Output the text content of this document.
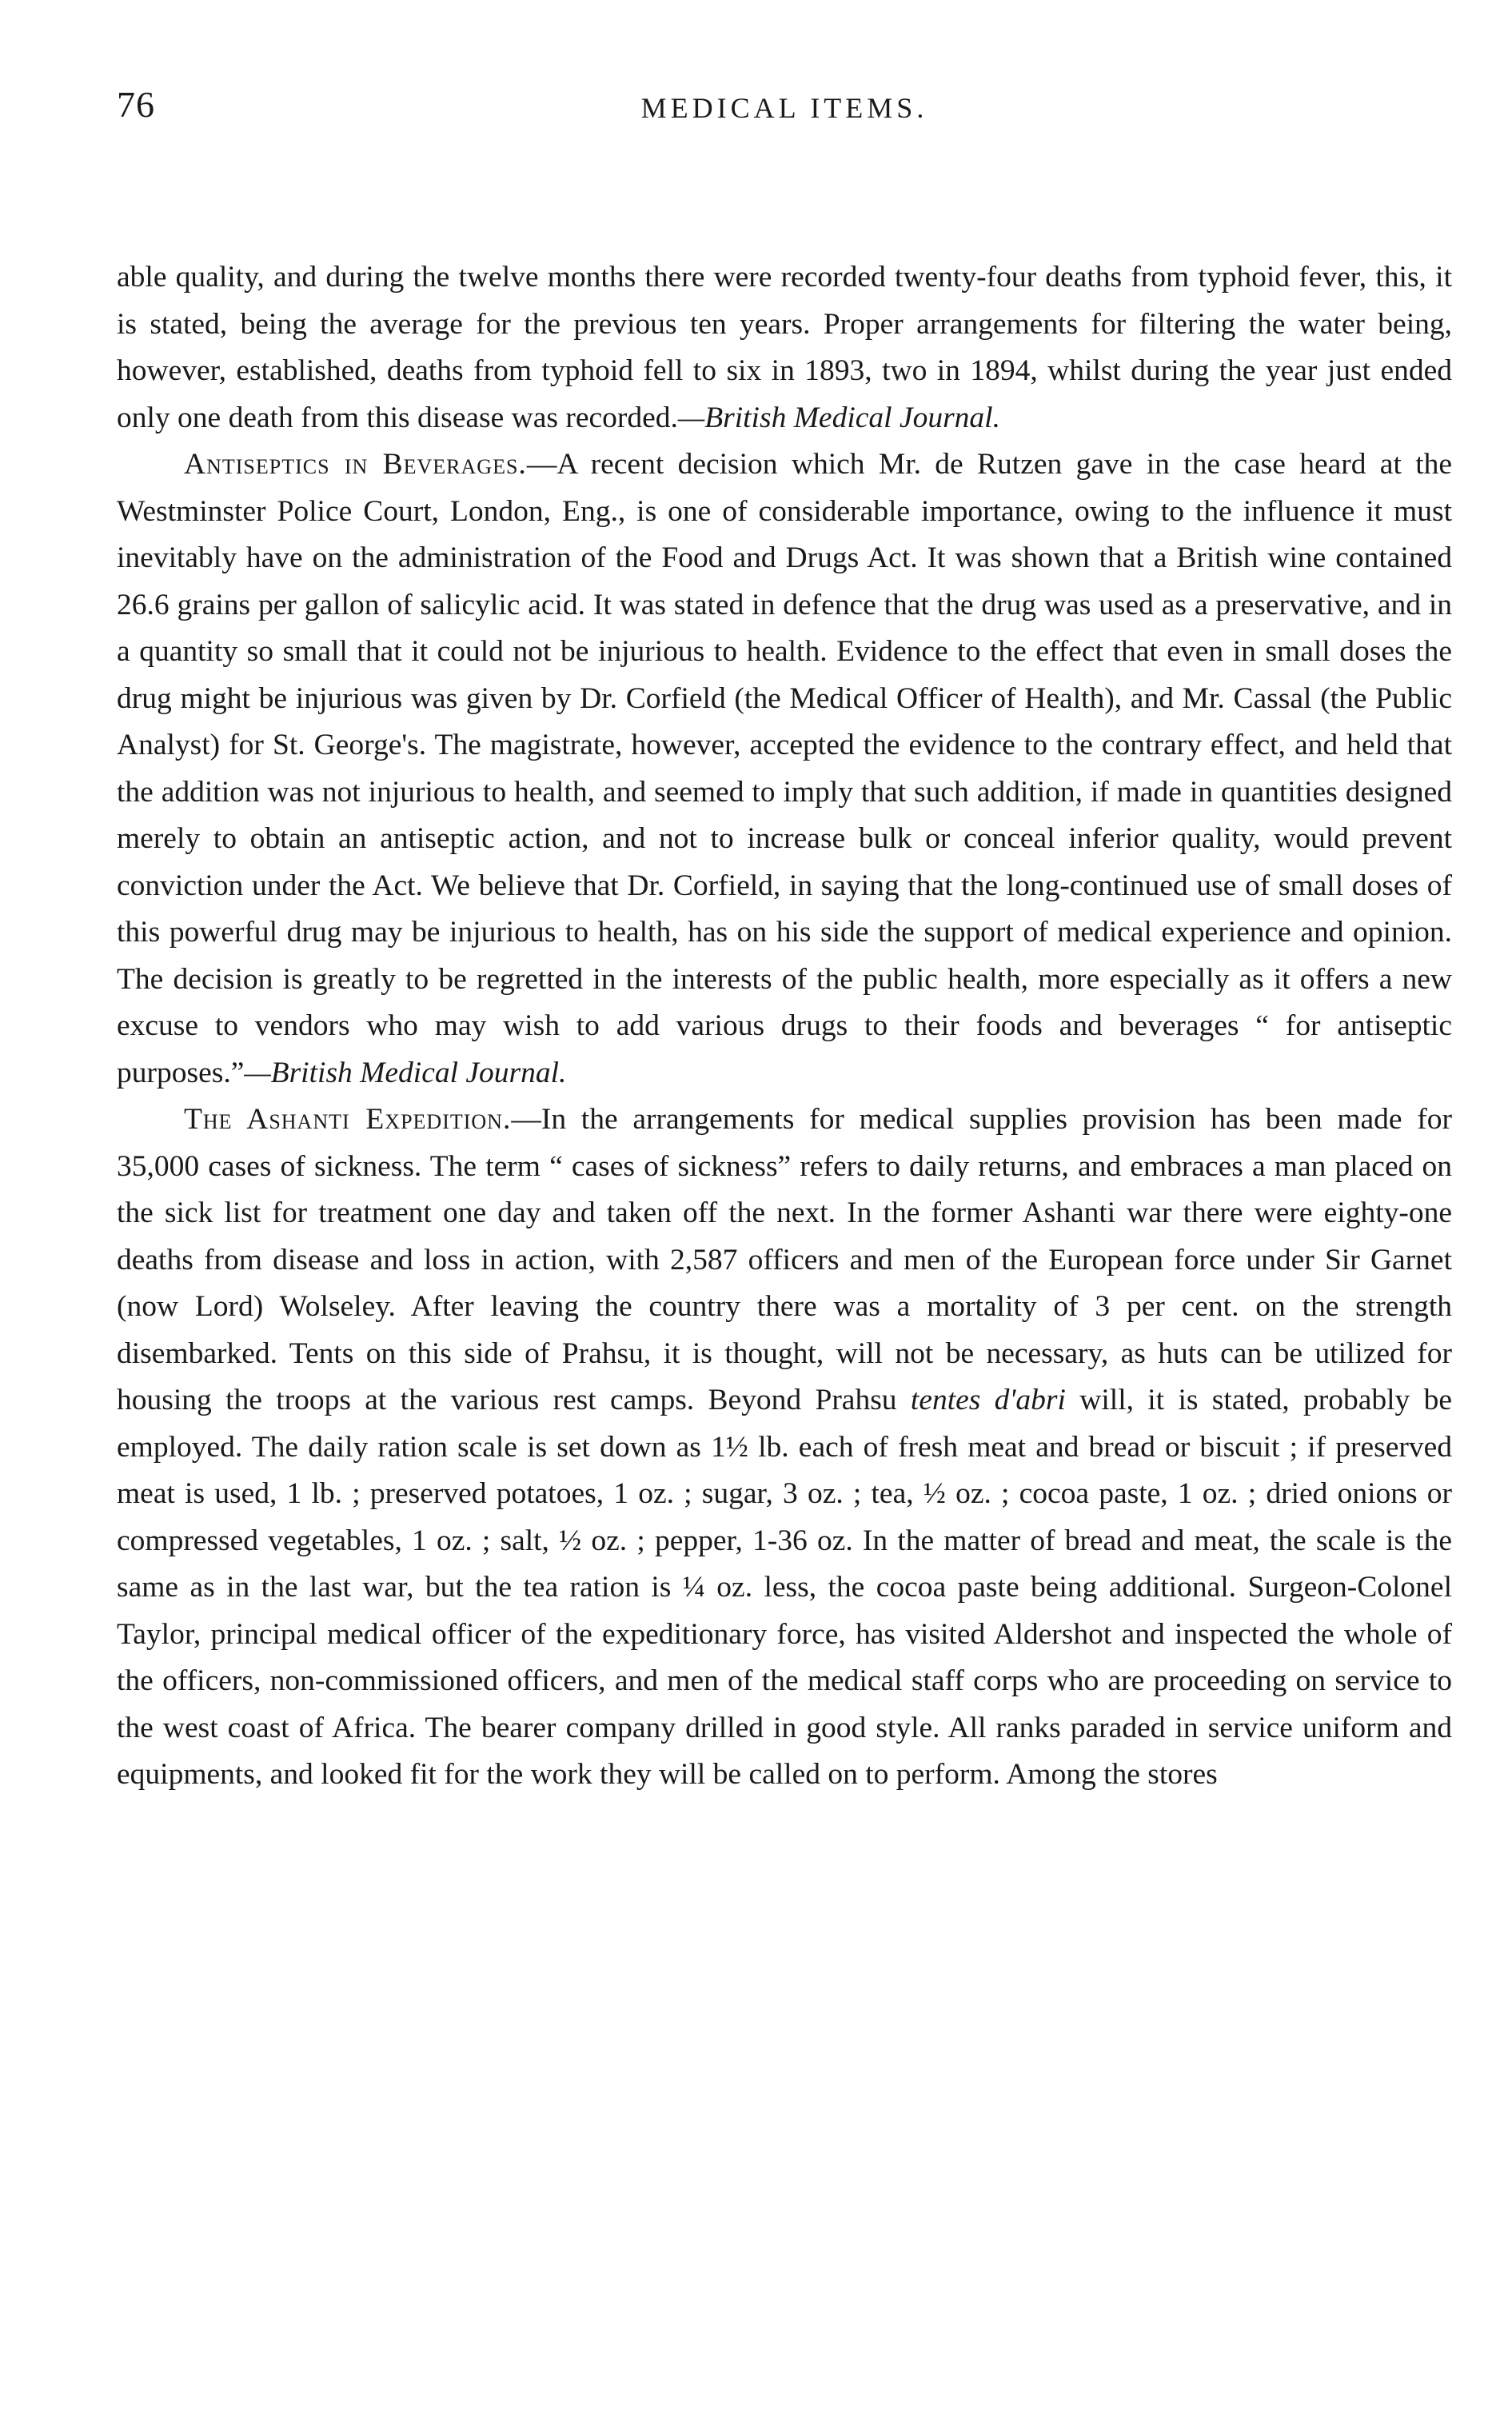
76	MEDICAL ITEMS.

able quality, and during the twelve months there were recorded twenty-four deaths from typhoid fever, this, it is stated, being the average for the previous ten years. Proper arrangements for filtering the water being, however, established, deaths from typhoid fell to six in 1893, two in 1894, whilst during the year just ended only one death from this disease was recorded.—British Medical Journal.

Antiseptics in Beverages.—A recent decision which Mr. de Rutzen gave in the case heard at the Westminster Police Court, London, Eng., is one of considerable importance, owing to the influence it must inevitably have on the administration of the Food and Drugs Act. It was shown that a British wine contained 26.6 grains per gallon of salicylic acid. It was stated in defence that the drug was used as a preservative, and in a quantity so small that it could not be injurious to health. Evidence to the effect that even in small doses the drug might be injurious was given by Dr. Corfield (the Medical Officer of Health), and Mr. Cassal (the Public Analyst) for St. George's. The magistrate, however, accepted the evidence to the contrary effect, and held that the addition was not injurious to health, and seemed to imply that such addition, if made in quantities designed merely to obtain an antiseptic action, and not to increase bulk or conceal inferior quality, would prevent conviction under the Act. We believe that Dr. Corfield, in saying that the long-continued use of small doses of this powerful drug may be injurious to health, has on his side the support of medical experience and opinion. The decision is greatly to be regretted in the interests of the public health, more especially as it offers a new excuse to vendors who may wish to add various drugs to their foods and beverages “ for antiseptic purposes.”—British Medical Journal.

The Ashanti Expedition.—In the arrangements for medical supplies provision has been made for 35,000 cases of sickness. The term “ cases of sickness” refers to daily returns, and embraces a man placed on the sick list for treatment one day and taken off the next. In the former Ashanti war there were eighty-one deaths from disease and loss in action, with 2,587 officers and men of the European force under Sir Garnet (now Lord) Wolseley. After leaving the country there was a mortality of 3 per cent. on the strength disembarked. Tents on this side of Prahsu, it is thought, will not be necessary, as huts can be utilized for housing the troops at the various rest camps. Beyond Prahsu tentes d'abri will, it is stated, probably be employed. The daily ration scale is set down as 1½ lb. each of fresh meat and bread or biscuit ; if preserved meat is used, 1 lb. ; preserved potatoes, 1 oz. ; sugar, 3 oz. ; tea, ½ oz. ; cocoa paste, 1 oz. ; dried onions or compressed vegetables, 1 oz. ; salt, ½ oz. ; pepper, 1-36 oz. In the matter of bread and meat, the scale is the same as in the last war, but the tea ration is ¼ oz. less, the cocoa paste being additional. Surgeon-Colonel Taylor, principal medical officer of the expeditionary force, has visited Aldershot and inspected the whole of the officers, non-commissioned officers, and men of the medical staff corps who are proceeding on service to the west coast of Africa. The bearer company drilled in good style. All ranks paraded in service uniform and equipments, and looked fit for the work they will be called on to perform. Among the stores
